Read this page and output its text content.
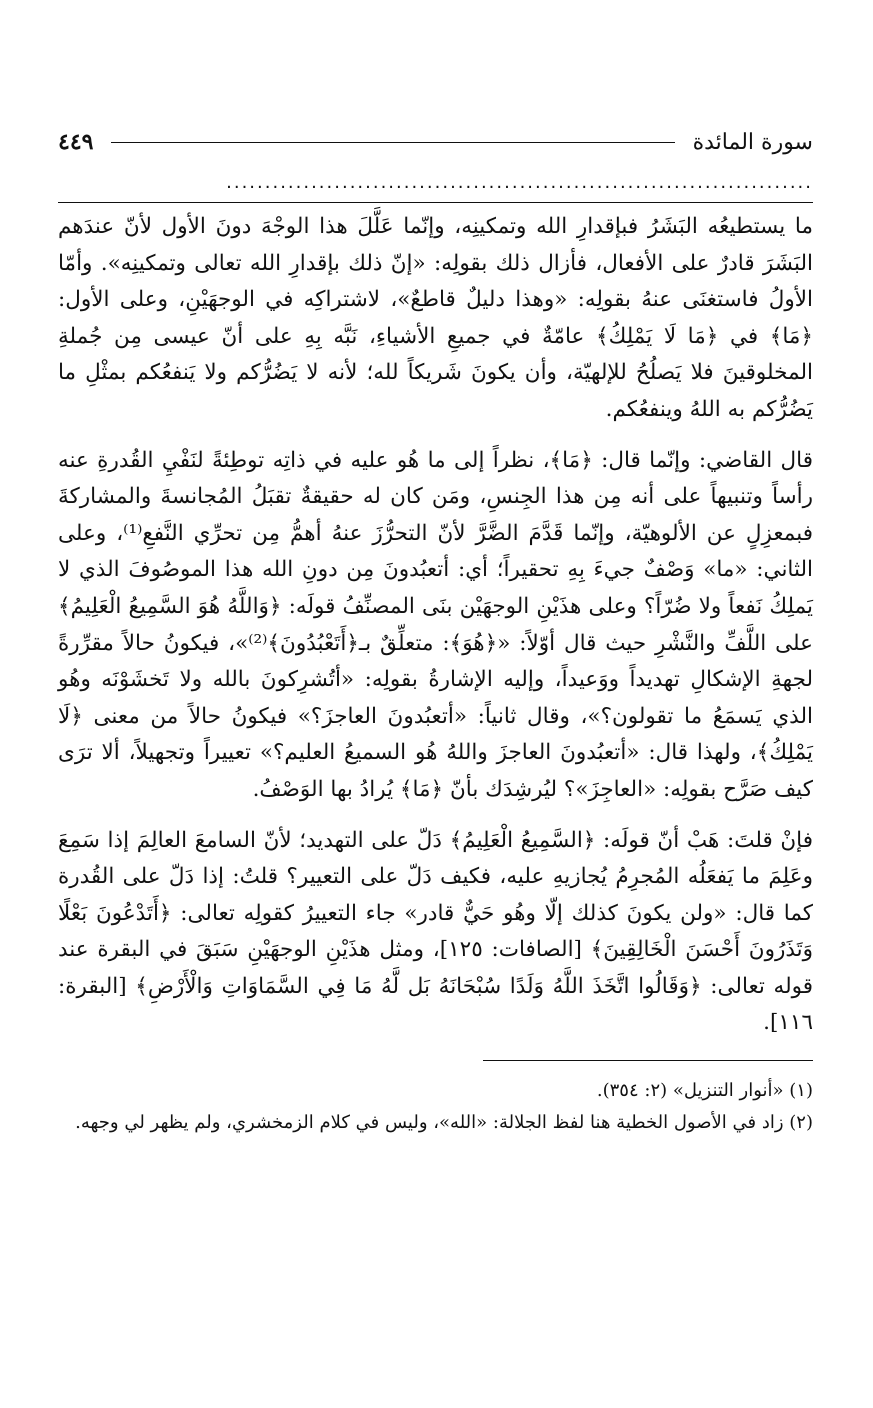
سورة المائدة
٤٤٩
............................................................................

ما يستطيعُه البَشَرُ فبإقدارِ الله وتمكينِه، وإنّما عَلَّلَ هذا الوجْهَ دونَ الأول لأنّ عندَهم البَشَرَ قادرٌ على الأفعال، فأزال ذلك بقولِه: «إنّ ذلك بإقدارِ الله تعالى وتمكينِه». وأمّا الأولُ فاستغنَى عنهُ بقولِه: «وهذا دليلٌ قاطعٌ»، لاشتراكِه في الوجهَيْنِ، وعلى الأول: ﴿مَا﴾ في ﴿مَا لَا يَمْلِكُ﴾ عامّةٌ في جميعِ الأشياءِ، نَبَّه بِهِ على أنّ عيسى مِن جُملةِ المخلوقينَ فلا يَصلُحُ للإلهيّة، وأن يكونَ شَريكاً لله؛ لأنه لا يَضُرُّكم ولا يَنفعُكم بمثْلِ ما يَضُرُّكم به اللهُ وينفعُكم.

قال القاضي: وإنّما قال: ﴿مَا﴾، نظراً إلى ما هُو عليه في ذاتِه توطِئةً لنَفْيِ القُدرةِ عنه رأساً وتنبيهاً على أنه مِن هذا الجِنسِ، ومَن كان له حقيقةٌ تقبَلُ المُجانسةَ والمشاركةَ فبمعزِلٍ عن الألوهيّة، وإنّما قَدَّمَ الضَّرَّ لأنّ التحرُّزَ عنهُ أهمُّ مِن تحرِّي النَّفعِ⁽¹⁾، وعلى الثاني: «ما» وَصْفٌ جيءَ بِهِ تحقيراً؛ أي: أتعبُدونَ مِن دونِ الله هذا الموصُوفَ الذي لا يَملِكُ نَفعاً ولا ضُرّاً؟ وعلى هذَيْنِ الوجهَيْن بنَى المصنِّفُ قولَه: ﴿وَاللَّهُ هُوَ السَّمِيعُ الْعَلِيمُ﴾ على اللَّفِّ والنَّشْرِ حيث قال أوّلاً: «﴿هُوَ﴾: متعلِّقٌ بـ﴿أَتَعْبُدُونَ﴾⁽²⁾»، فيكونُ حالاً مقرِّرةً لجهةِ الإشكالِ تهديداً ووَعيداً، وإليه الإشارةُ بقولِه: «أتُشرِكونَ بالله ولا تَخشَوْنَه وهُو الذي يَسمَعُ ما تقولون؟»، وقال ثانياً: «أتعبُدونَ العاجزَ؟» فيكونُ حالاً من معنى ﴿لَا يَمْلِكُ﴾، ولهذا قال: «أتعبُدونَ العاجزَ واللهُ هُو السميعُ العليم؟» تعييراً وتجهيلاً، ألا ترَى كيف صَرَّح بقولِه: «العاجِزَ»؟ ليُرشِدَك بأنّ ﴿مَا﴾ يُرادُ بها الوَصْفُ.

فإنْ قلتَ: هَبْ أنّ قولَه: ﴿السَّمِيعُ الْعَلِيمُ﴾ دَلّ على التهديد؛ لأنّ السامعَ العالِمَ إذا سَمِعَ وعَلِمَ ما يَفعَلُه المُجرِمُ يُجازيهِ عليه، فكيف دَلّ على التعيير؟ قلتُ: إذا دَلّ على القُدرة كما قال: «ولن يكونَ كذلك إلّا وهُو حَيٌّ قادر» جاء التعييرُ كقولِه تعالى: ﴿أَتَدْعُونَ بَعْلًا وَتَذَرُونَ أَحْسَنَ الْخَالِقِينَ﴾ [الصافات: ١٢٥]، ومثل هذَيْنِ الوجهَيْنِ سَبَقَ في البقرة عند قوله تعالى: ﴿وَقَالُوا اتَّخَذَ اللَّهُ وَلَدًا سُبْحَانَهُ بَل لَّهُ مَا فِي السَّمَاوَاتِ وَالْأَرْضِ﴾ [البقرة: ١١٦].

(١) «أنوار التنزيل» (٢: ٣٥٤).

(٢) زاد في الأصول الخطية هنا لفظ الجلالة: «الله»، وليس في كلام الزمخشري، ولم يظهر لي وجهه.
